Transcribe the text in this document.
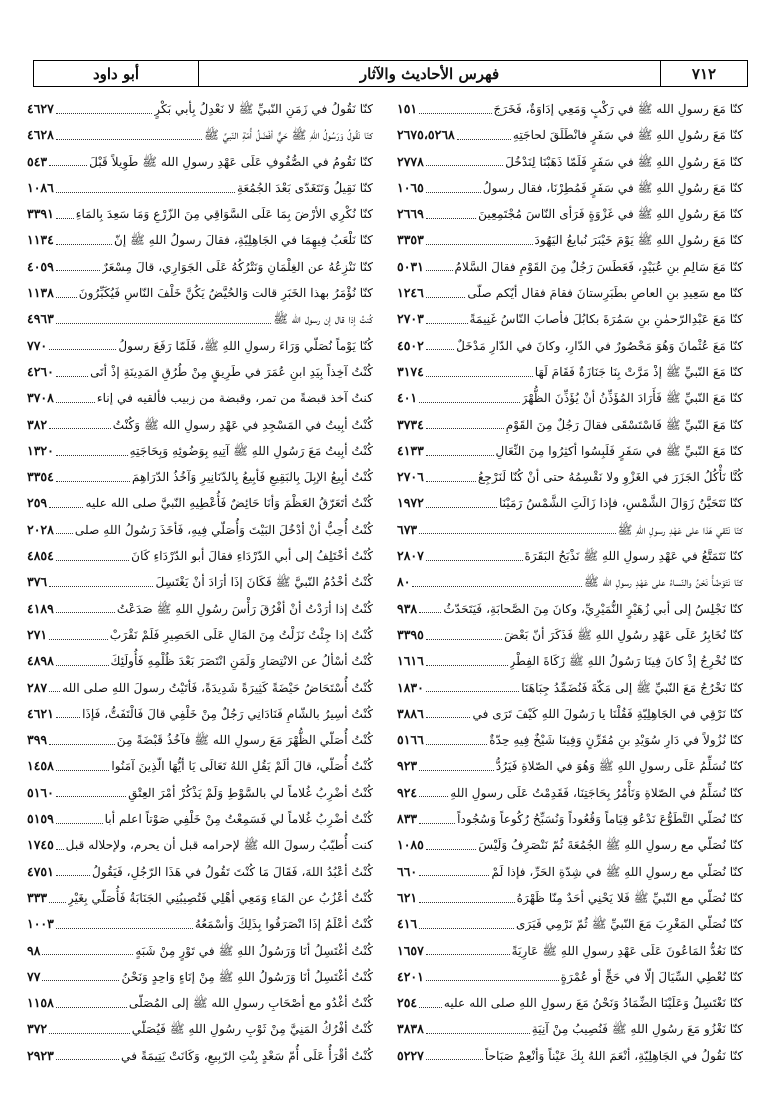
٧١٢
فهرس الأحاديث والآثار
أبو داود
كنّا مَعَ رسولِ الله ﷺ في رَكْبٍ وَمَعِي إدَاوَةٌ، فَخَرَجَ
١٥١
كنّا مَعَ رسُولِ اللهِ ﷺ في سَفَرٍ فانْطَلَقَ لحاجَتِهِ
٢٦٧٥،٥٢٦٨
كنّا مَعَ رسُولِ اللهِ ﷺ في سَفَرٍ فَلَمّا ذَهَبْنَا لِنَدْخُلَ
٢٧٧٨
كنّا مَعَ رسُولِ اللهِ ﷺ في سَفَرٍ فَمُطِرْنَا، فقال رسولُ
١٠٦٥
كنّا مَعَ رسُولِ اللهِ ﷺ في غَزْوَةٍ فَرَأى النّاسَ مُجْتَمِعِينَ
٢٦٦٩
كنّا مَعَ رسُولِ اللهِ ﷺ يَوْمَ خَيْبَرَ نُبايعُ اليَهُودَ
٣٣٥٣
كنّا مَعَ سَالِمِ بنِ عُبَيْدٍ، فَعَطَسَ رَجُلٌ مِنَ القَوْمِ فقالَ السَّلامُ
٥٠٣١
كنّا مع سَعِيدِ بنِ العاصِ بطَبَرِستانَ فقامَ فقال أيّكم صلّى
١٢٤٦
كنّا مَعَ عَبْدِالرّحمٰنِ بنِ سَمُرَةَ بكابُلَ فأصابَ النّاسُ غَنِيمَةً
٢٧٠٣
كنّا مَعَ عُثْمانَ وَهُوَ مَحْصُورٌ في الدّارِ، وكانَ في الدّارِ مَدْخَلٌ
٤٥٠٢
كنّا مَعَ النّبيِّ ﷺ إذْ مَرَّتْ بِنَا جَنَازَةٌ فَقَامَ لَهَا
٣١٧٤
كنّا مَعَ النّبيِّ ﷺ فَأَرَادَ المُؤَذِّنُ أنْ يُؤَذِّنَ الظُّهْرَ
٤٠١
كنّا مَعَ النّبيِّ ﷺ فَاسْتَسْقَى فقالَ رَجُلٌ مِنَ القَوْمِ
٣٧٣٤
كنّا مَعَ النّبيِّ ﷺ في سَفَرٍ فَلَبِسُوا أكثِرُوا مِنَ النِّعَالِ
٤١٣٣
كُنَّا نَأْكُلُ الجَزَرَ في الغَزْوِ ولا نَقْسِمُهُ حتى أنْ كُنّا لَنَرْجِعُ
٢٧٠٦
كنّا نَتَحَيَّنُ زَوَالَ الشَّمْسِ، فإذا زَالَتِ الشَّمْسُ رَمَيْنَا
١٩٧٢
كنّا نَتّقي هَذا على عَهْدِ رسولِ اللهِ ﷺ
٦٧٣
كنّا نَتَمَتَّعُ في عَهْدِ رسولِ اللهِ ﷺ نَذْبَحُ البَقَرَةَ
٢٨٠٧
كنّا نَتَوَضّأُ نَحْنُ والنّساءُ على عَهْدِ رسولِ الله ﷺ
٨٠
كنّا نَجْلِسُ إلى أبي زُهَيْرٍ النُّمَيْرِيِّ، وكانَ مِنَ الصَّحابَةِ، فَيَتَحَدّثُ
٩٣٨
كنّا نُخَابِرُ عَلَى عَهْدِ رسُولِ اللهِ ﷺ فَذَكَرَ أنّ بَعْضَ
٣٣٩٥
كنّا نُخْرِجُ إذْ كانَ فِينَا رَسُولُ اللهِ ﷺ زَكَاةَ الفِطْرِ
١٦١٦
كنّا نَخْرُجُ مَعَ النّبيِّ ﷺ إلى مَكّةَ فَنُضَمِّدُ جِبَاهَنَا
١٨٣٠
كنّا نَرْقِي في الجَاهِلِيّةِ فَقُلْنَا يا رَسُولَ اللهِ كَيْفَ تَرَى في
٣٨٨٦
كنّا نُزُولاً في دَارِ سُوَيْدِ بنِ مُقَرِّنٍ وَفِينَا شَيْخٌ فِيهِ حِدّةٌ
٥١٦٦
كنّا نُسَلِّمُ عَلَى رسولِ اللهِ ﷺ وَهُوَ في الصّلاةِ فَيَرُدُّ
٩٢٣
كنّا نُسَلِّمُ في الصّلاةِ وَنَأْمُرُ بِحَاجَتِنَا، فَقَدِمْتُ عَلَى رسولِ اللهِ
٩٢٤
كنّا نُصَلّي التَّطَوُّعَ نَدْعُو قِيَاماً وَقُعُوداً وَنُسَبِّحُ رُكُوعاً وَسُجُوداً
٨٣٣
كنّا نُصَلّي مع رسولِ اللهِ ﷺ الجُمُعَةَ ثُمّ نَنْصَرِفُ وَلَيْسَ
١٠٨٥
كنّا نُصَلّي مع رسولِ اللهِ ﷺ في شِدّةِ الحَرِّ، فإذا لَمْ
٦٦٠
كنّا نُصَلّي مع النّبيِّ ﷺ فَلا يَحْنِي أحَدٌ مِنّا ظَهْرَهُ
٦٢١
كنّا نُصَلّي المَغْرِبَ مَعَ النّبيِّ ﷺ ثُمّ نَرْمِي فَيَرَى
٤١٦
كنّا نَعُدُّ المَاعُونَ عَلَى عَهْدِ رسولِ اللهِ ﷺ عَارِيَةً
١٦٥٧
كنّا نُعْطِي السِّيَالَ إلّا في حَجٍّ أو عُمْرَةٍ
٤٢٠١
كنّا نَغْتَسِلُ وَعَلَيْنَا الضِّمَادُ وَنَحْنُ مَعَ رسولِ اللهِ صلى الله عليه
٢٥٤
كنّا نَغْزُو مَعَ رسُولِ اللهِ ﷺ فَنُصِيبُ مِنْ آنِيَةِ
٣٨٣٨
كنّا نَقُولُ في الجَاهِلِيّةِ، أنْعَمَ اللهُ بِكَ عَيْناً وَأنْعِمْ صَبَاحاً
٥٢٢٧
كنّا نَقُولُ في زَمَنِ النّبيِّ ﷺ لا نَعْدِلُ بِأبي بَكْرٍ
٤٦٢٧
كنّا نَقُولُ وَرَسُولُ اللهِ ﷺ حَيٌّ أفْضَلُ أُمّةِ النّبيِّ ﷺ
٤٦٢٨
كنّا نَقُومُ في الصُّفُوفِ عَلَى عَهْدِ رسولِ الله ﷺ طَوِيلاً قَبْلَ
٥٤٣
كنّا نَقِيلُ وَنَتَغَدّى بَعْدَ الجُمُعَةِ
١٠٨٦
كنّا نُكْرِي الأرْضَ بِمَا عَلَى السَّوَاقِي مِنَ الزّرْعِ وَمَا سَعِدَ بِالمَاءِ
٣٣٩١
كنّا نَلْعَبُ فِيهِمَا في الجَاهِلِيّةِ، فقالَ رسولُ اللهِ ﷺ إنّ
١١٣٤
كنّا نَنْزِعُهُ عن الغِلْمَانِ وَنَتْرُكُهُ عَلَى الجَوَارِي، قالَ مِسْعَرٌ
٤٠٥٩
كنّا نُؤْمَرُ بهذا الخَبَرِ قالت وَالحُيَّضُ يَكُنَّ خَلْفَ النّاسِ فَيُكَبِّرُونَ
١١٣٨
كُنتُ إذا قال إن رسول الله ﷺ
٤٩٦٣
كُنّا يَوْماً نُصَلّي وَرَاءَ رسولِ اللهِ ﷺ، فَلَمّا رَفَعَ رسولُ
٧٧٠
كُنْتُ آخِذاً بِيَدِ ابنِ عُمَرَ في طَرِيقٍ مِنْ طُرُقِ المَدِينَةِ إذْ أتَى
٤٢٦٠
كنتُ آخذ قبضةً من تمر، وقبضة من زبيب فألقيه في إناء
٣٧٠٨
كُنْتُ أبِيتُ في المَسْجِدِ في عَهْدِ رسولِ الله ﷺ وَكُنْتُ
٣٨٢
كُنْتُ أبِيتُ مَعَ رَسُولِ اللهِ ﷺ آتِيهِ بِوَضُوئِهِ وَبِحَاجَتِهِ
١٣٢٠
كُنْتُ أبِيعُ الإبِلَ بِالبَقِيعِ فَأبِيعُ بِالدّنَانِيرِ وَآخُذُ الدّرَاهِمَ
٣٣٥٤
كُنْتُ أتَعَرّقُ العَظْمَ وَأنَا حَائِضٌ فَأُعْطِيهِ النّبيَّ صلى الله عليه
٢٥٩
كُنْتُ أُحِبُّ أنْ أدْخُلَ البَيْتَ وَأُصَلّي فِيهِ، فَأخَذَ رَسُولُ اللهِ صلى
٢٠٢٨
كُنْتُ أخْتَلِفُ إلى أبي الدّرْدَاءِ فقالَ أبو الدّرْدَاءِ كَانَ
٤٨٥٤
كُنْتُ أخْدُمُ النّبيَّ ﷺ فَكَانَ إذَا أرَادَ أنْ يَغْتَسِلَ
٣٧٦
كُنْتُ إذا أرَدْتُ أنْ أفْرُقَ رَأْسَ رسُولِ اللهِ ﷺ صَدَعْتُ
٤١٨٩
كُنْتُ إذا جِئْتُ نَزَلْتُ مِنَ المَالِ عَلَى الحَصِيرِ فَلَمْ نَقْرَبْ
٢٧١
كُنْتُ أسْألُ عن الانْتِصَارِ وَلَمَنِ انْتَصَرَ بَعْدَ ظُلْمِهِ فَأُولَئِكَ
٤٨٩٨
كُنْتُ أُسْتَحَاضُ حَيْضَةً كَثِيرَةً شَدِيدَةً، فَأتَيْتُ رسولَ اللهِ صلى الله
٢٨٧
كُنْتُ أسِيرُ بالشّامِ فَنَادَانِي رَجُلٌ مِنْ خَلْفِي قالَ فَالْتَفَتُّ، فَإذَا
٤٦٢١
كُنْتُ أُصَلّي الظُّهْرَ مَعَ رسولِ الله ﷺ فآخُذُ قَبْضَةً مِنَ
٣٩٩
كُنْتُ أُصَلّي، قالَ ألَمْ يَقُلِ اللهُ تَعَالَى يَا أيُّهَا الّذِينَ آمَنُوا
١٤٥٨
كُنْتُ أضْرِبُ غُلاماً لي بالسَّوْطِ وَلَمْ يَذْكُرْ أمْرَ العِتْقِ
٥١٦٠
كُنْتُ أضْرِبُ غُلاماً لي فَسَمِعْتُ مِنْ خَلْفِي صَوْتاً اعلم أبا
٥١٥٩
كنت أُطيّبُ رسولَ الله ﷺ لإحرامه قبل أن يحرم، ولإحلاله قبل
١٧٤٥
كُنْتُ أعْبُدُ اللهَ، فَقَالَ مَا كُنْتَ تَقُولُ في هَذَا الرّجُلِ، فَيَقُولُ
٤٧٥١
كُنْتُ أعْزُبُ عن المَاءِ وَمَعِي أهْلِي فَتُصِيبُنِي الجَنَابَةُ فَأُصَلّي بِغَيْرِ
٣٣٣
كُنْتُ أعْلَمُ إذَا انْصَرَفُوا بِذَلِكَ وَأسْمَعُهُ
١٠٠٣
كُنْتُ أغْتَسِلُ أنَا وَرَسُولُ اللهِ ﷺ في تَوْرٍ مِنْ شَبَهٍ
٩٨
كُنْتُ أغْتَسِلُ أنَا وَرَسُولُ اللهِ ﷺ مِنْ إنَاءٍ وَاحِدٍ وَنَحْنُ
٧٧
كُنْتُ أغْدُو مع أصْحَابِ رسولِ الله ﷺ إلى المُصَلّى
١١٥٨
كُنْتُ أفْرُكُ المَنِيَّ مِنْ ثَوْبِ رسُولِ اللهِ ﷺ فَيُصَلّي
٣٧٢
كُنْتُ أقْرَأُ عَلَى أُمّ سَعْدٍ بِنْتِ الرّبِيعِ، وَكَانَتْ يَتِيمَةً في
٢٩٢٣
